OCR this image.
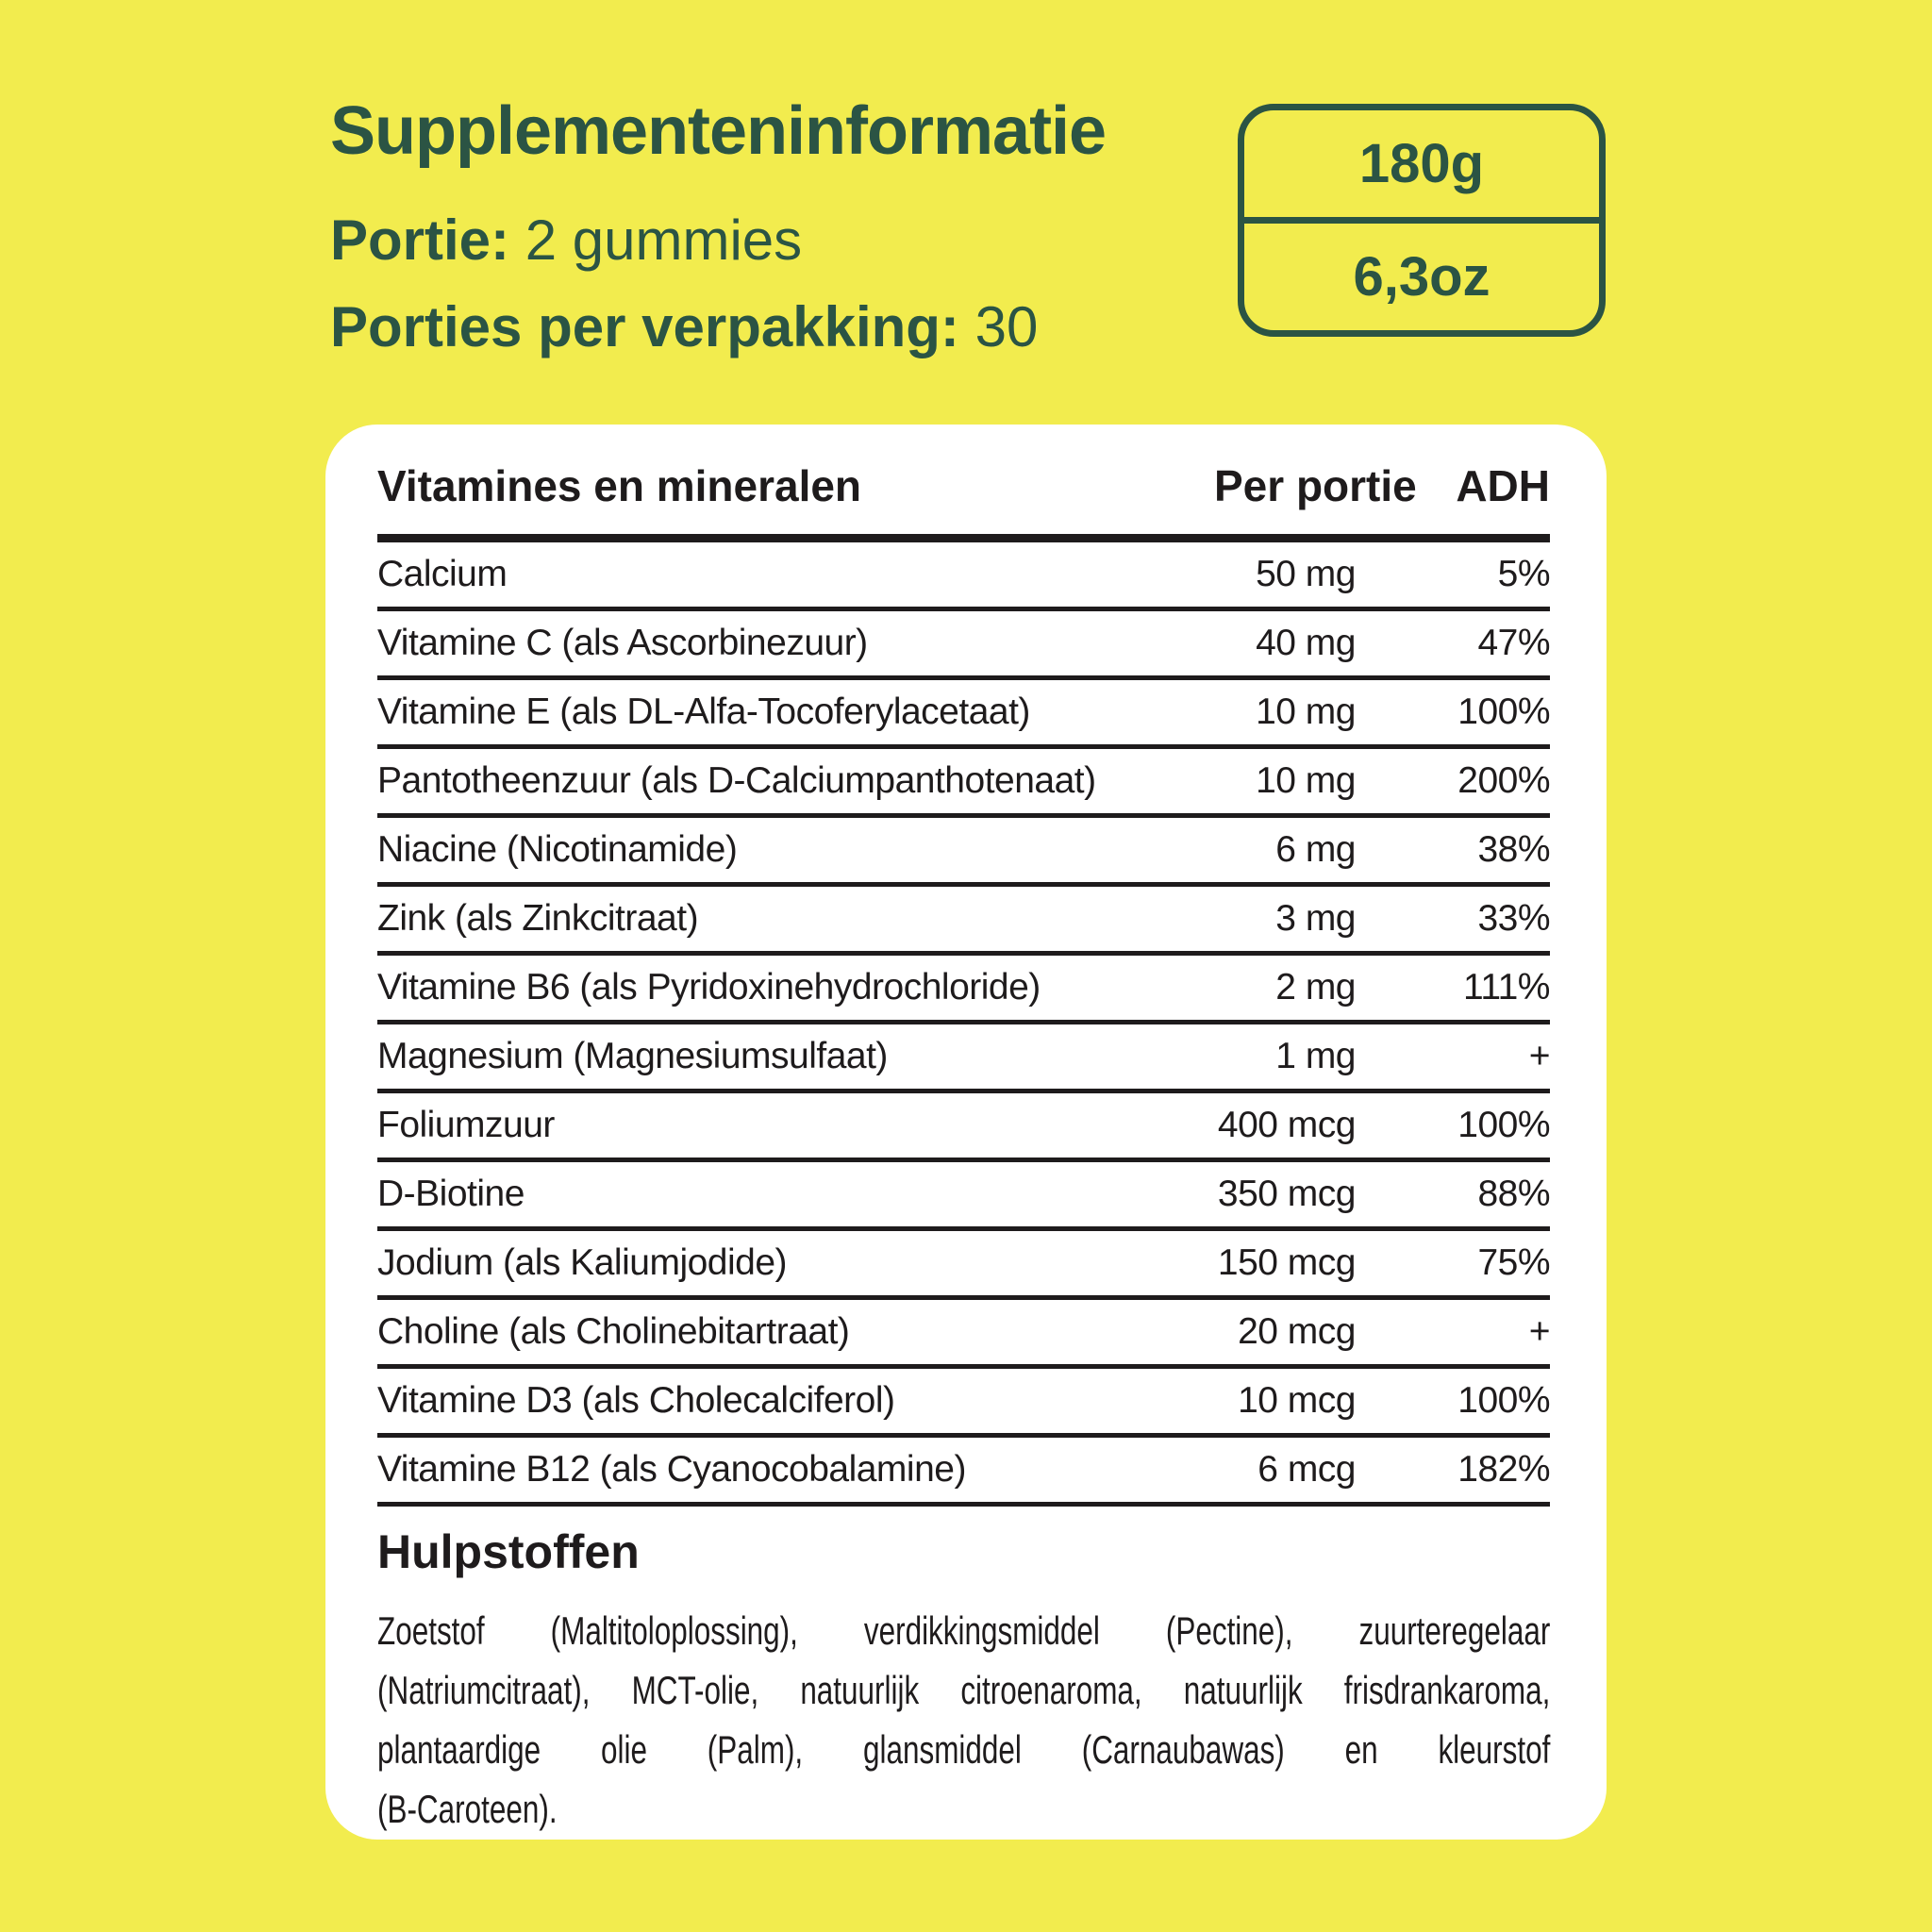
Supplementeninformatie

Portie: 2 gummies

Porties per verpakking: 30

180g
6,3oz
Vitamines en mineralen	Per portie	ADH
Calcium	50 mg	5%
Vitamine C (als Ascorbinezuur)	40 mg	47%
Vitamine E (als DL-Alfa-Tocoferylacetaat)	10 mg	100%
Pantotheenzuur (als D-Calciumpanthotenaat)	10 mg	200%
Niacine (Nicotinamide)	6 mg	38%
Zink (als Zinkcitraat)	3 mg	33%
Vitamine B6 (als Pyridoxinehydrochloride)	2 mg	111%
Magnesium (Magnesiumsulfaat)	1 mg	+
Foliumzuur	400 mcg	100%
D-Biotine	350 mcg	88%
Jodium (als Kaliumjodide)	150 mcg	75%
Choline (als Cholinebitartraat)	20 mcg	+
Vitamine D3 (als Cholecalciferol)	10 mcg	100%
Vitamine B12 (als Cyanocobalamine)	6 mcg	182%
Hulpstoffen
Zoetstof (Maltitoloplossing), verdikkingsmiddel (Pectine), zuurteregelaar
(Natriumcitraat), MCT-olie, natuurlijk citroenaroma, natuurlijk frisdrankaroma,
plantaardige olie (Palm), glansmiddel (Carnaubawas) en kleurstof
(B-Caroteen).
